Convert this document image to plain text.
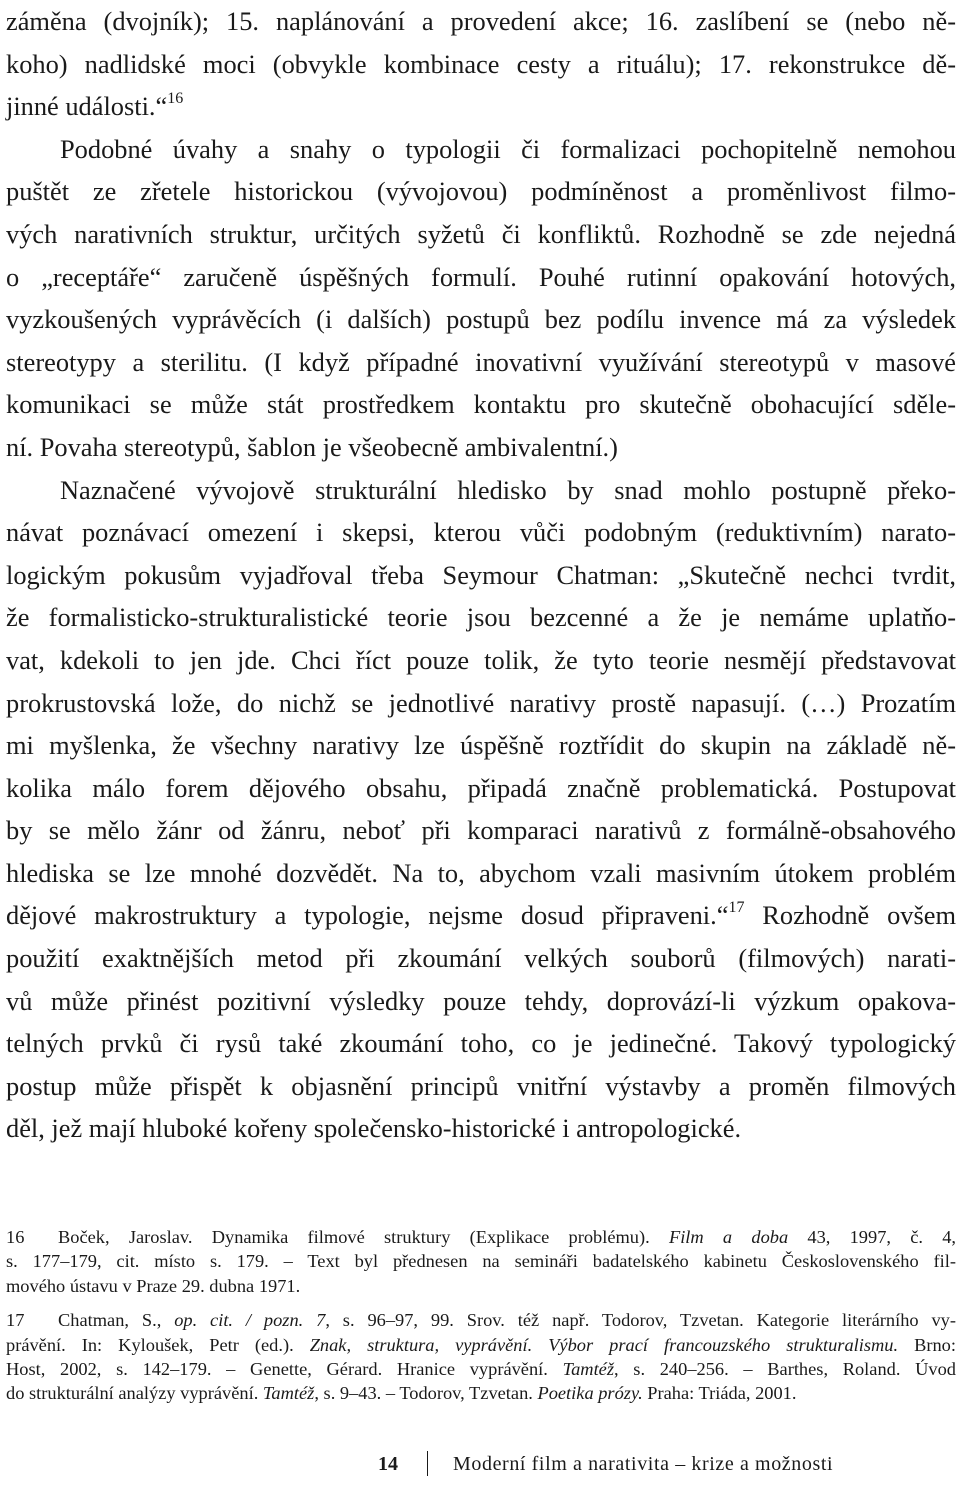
záměna (dvojník); 15. naplánování a provedení akce; 16. zaslíbení se (nebo ně-
koho) nadlidské moci (obvykle kombinace cesty a rituálu); 17. rekonstrukce dě-
jinné události.“$^{16}$
Podobné úvahy a snahy o typologii či formalizaci pochopitelně nemohou
puštět ze zřetele historickou (vývojovou) podmíněnost a proměnlivost filmo-
vých narativních struktur, určitých syžetů či konfliktů. Rozhodně se zde nejedná
o „receptáře“ zaručeně úspěšných formulí. Pouhé rutinní opakování hotových,
vyzkoušených vyprávěcích (i dalších) postupů bez podílu invence má za výsledek
stereotypy a sterilitu. (I když případné inovativní využívání stereotypů v masové
komunikaci se může stát prostředkem kontaktu pro skutečně obohacující sděle-
ní. Povaha stereotypů, šablon je všeobecně ambivalentní.)
Naznačené vývojově strukturální hledisko by snad mohlo postupně překo-
návat poznávací omezení i skepsi, kterou vůči podobným (reduktivním) narato-
logickým pokusům vyjadřoval třeba Seymour Chatman: „Skutečně nechci tvrdit,
že formalisticko-strukturalistické teorie jsou bezcenné a že je nemáme uplatňo-
vat, kdekoli to jen jde. Chci říct pouze tolik, že tyto teorie nesmějí představovat
prokrustovská lože, do nichž se jednotlivé narativy prostě napasují. (…) Prozatím
mi myšlenka, že všechny narativy lze úspěšně roztřídit do skupin na základě ně-
kolika málo forem dějového obsahu, připadá značně problematická. Postupovat
by se mělo žánr od žánru, neboť při komparaci narativů z formálně-obsahového
hlediska se lze mnohé dozvědět. Na to, abychom vzali masivním útokem problém
dějové makrostruktury a typologie, nejsme dosud připraveni.“$^{17}$ Rozhodně ovšem
použití exaktnějších metod při zkoumání velkých souborů (filmových) narati-
vů může přinést pozitivní výsledky pouze tehdy, doprovází-li výzkum opakova-
telných prvků či rysů také zkoumání toho, co je jedinečné. Takový typologický
postup může přispět k objasnění principů vnitřní výstavby a proměn filmových
děl, jež mají hluboké kořeny společensko-historické i antropologické.
16 Boček, Jaroslav. Dynamika filmové struktury (Explikace problému). Film a doba 43, 1997, č. 4,
s. 177–179, cit. místo s. 179. – Text byl přednesen na semináři badatelského kabinetu Československého fil-
mového ústavu v Praze 29. dubna 1971.
17 Chatman, S., op. cit. / pozn. 7, s. 96–97, 99. Srov. též např. Todorov, Tzvetan. Kategorie literárního vy-
právění. In: Kyloušek, Petr (ed.). Znak, struktura, vyprávění. Výbor prací francouzského strukturalismu. Brno:
Host, 2002, s. 142–179. – Genette, Gérard. Hranice vyprávění. Tamtéž, s. 240–256. – Barthes, Roland. Úvod
do strukturální analýzy vyprávění. Tamtéž, s. 9–43. – Todorov, Tzvetan. Poetika prózy. Praha: Triáda, 2001.
14	Moderní film a narativita – krize a možnosti
